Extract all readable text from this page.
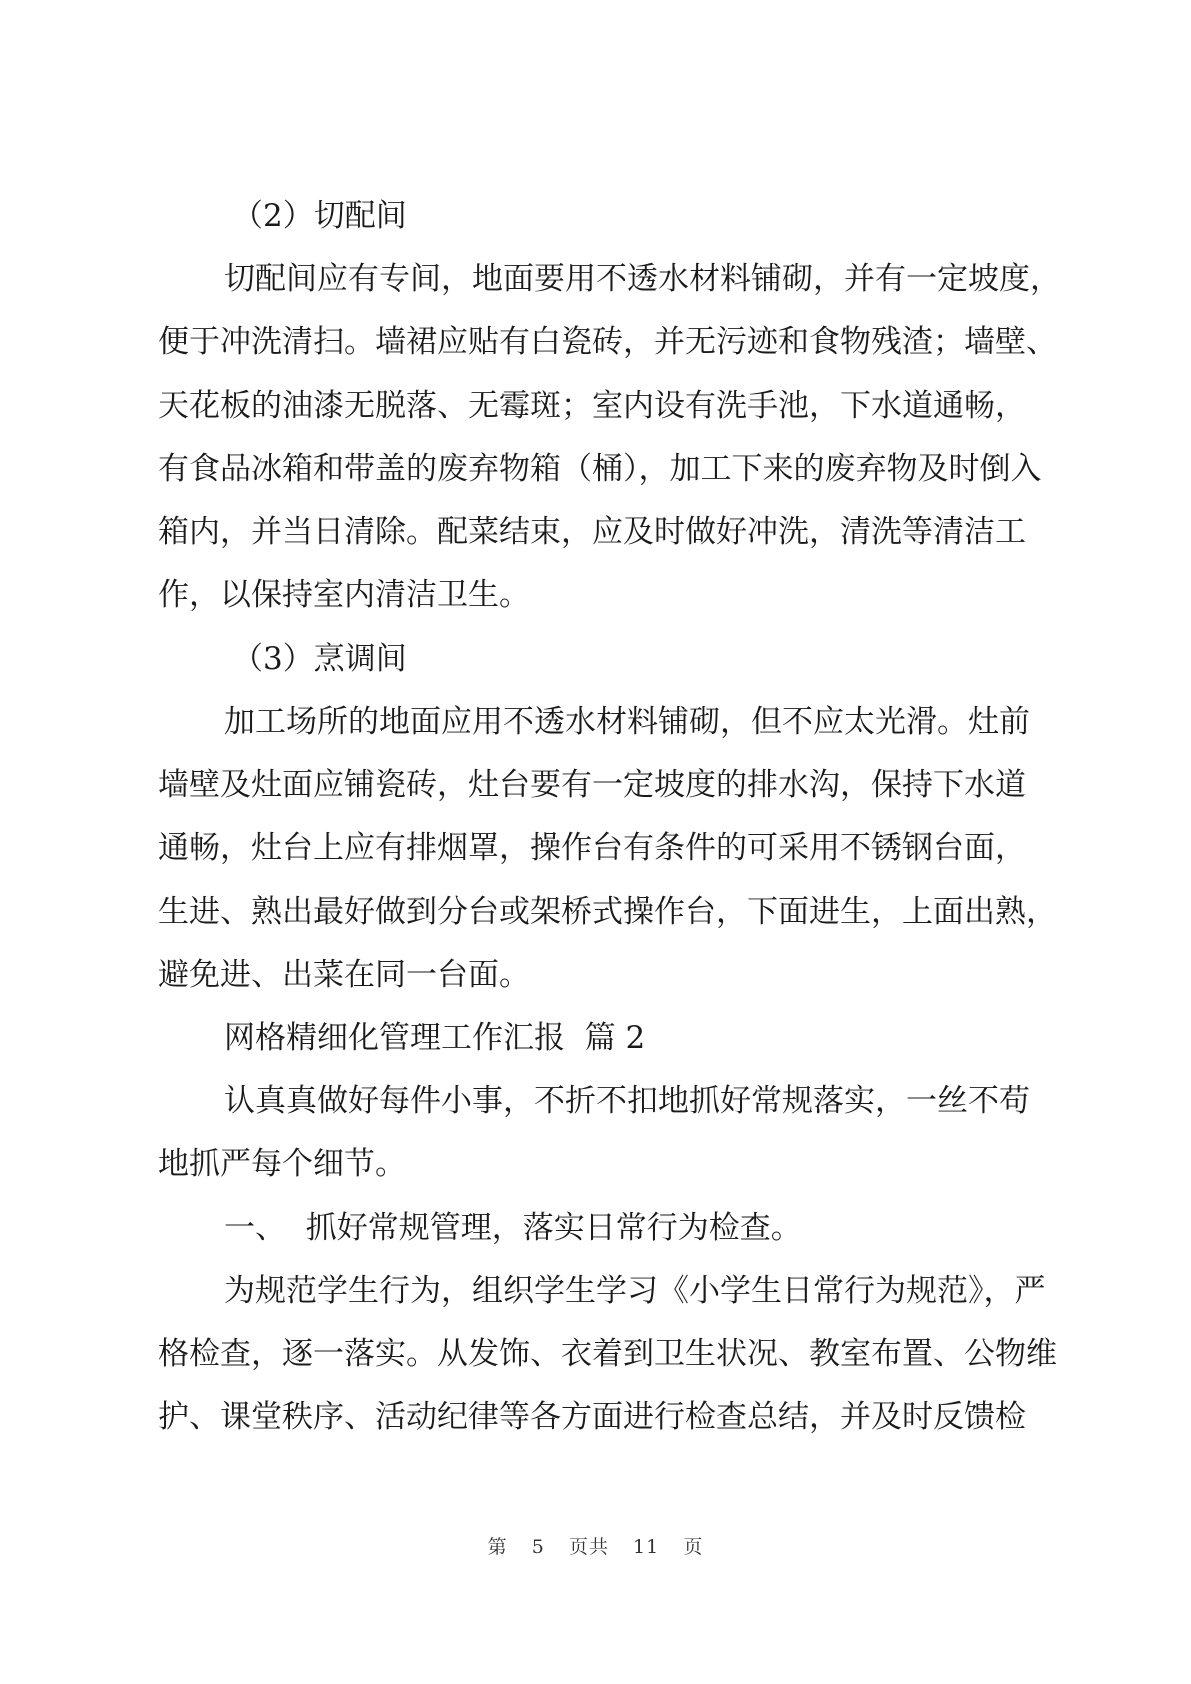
（2）切配间
切配间应有专间，地面要用不透水材料铺砌，并有一定坡度，
便于冲洗清扫。墙裙应贴有白瓷砖，并无污迹和食物残渣；墙壁、
天花板的油漆无脱落、无霉斑；室内设有洗手池，下水道通畅，
有食品冰箱和带盖的废弃物箱（桶），加工下来的废弃物及时倒入
箱内，并当日清除。配菜结束，应及时做好冲洗，清洗等清洁工
作，以保持室内清洁卫生。
（3）烹调间
加工场所的地面应用不透水材料铺砌，但不应太光滑。灶前
墙壁及灶面应铺瓷砖，灶台要有一定坡度的排水沟，保持下水道
通畅，灶台上应有排烟罩，操作台有条件的可采用不锈钢台面，
生进、熟出最好做到分台或架桥式操作台，下面进生，上面出熟，
避免进、出菜在同一台面。
网格精细化管理工作汇报  篇 2
认真真做好每件小事，不折不扣地抓好常规落实，一丝不苟
地抓严每个细节。
一、  抓好常规管理，落实日常行为检查。
为规范学生行为，组织学生学习《小学生日常行为规范》，严
格检查，逐一落实。从发饰、衣着到卫生状况、教室布置、公物维
护、课堂秩序、活动纪律等各方面进行检查总结，并及时反馈检
第 5 页共 11 页
